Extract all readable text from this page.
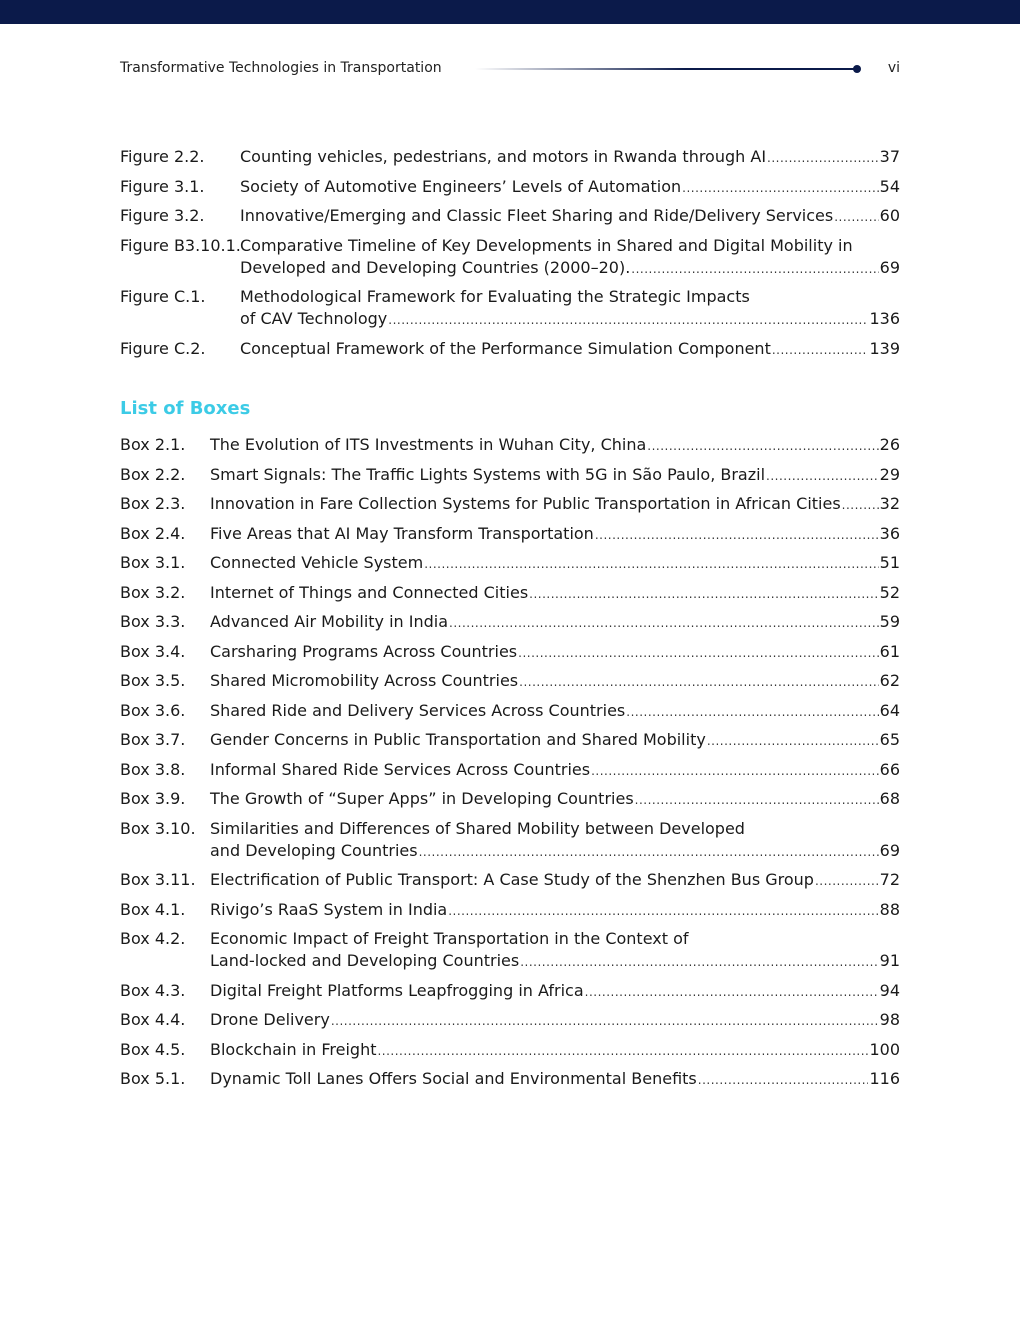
Transformative Technologies in Transportation	vi
Figure 2.2.	Counting vehicles, pedestrians, and motors in Rwanda through AI .....	37
Figure 3.1.	Society of Automotive Engineers’ Levels of Automation .....	54
Figure 3.2.	Innovative/Emerging and Classic Fleet Sharing and Ride/Delivery Services .....	60
Figure B3.10.1. Comparative Timeline of Key Developments in Shared and Digital Mobility in
Developed and Developing Countries (2000–20). .....	69
Figure C.1.	Methodological Framework for Evaluating the Strategic Impacts
of CAV Technology .....	136
Figure C.2.	Conceptual Framework of the Performance Simulation Component .....	139
List of Boxes
Box 2.1.	The Evolution of ITS Investments in Wuhan City, China .....	26
Box 2.2.	Smart Signals: The Traffic Lights Systems with 5G in São Paulo, Brazil .....	29
Box 2.3.	Innovation in Fare Collection Systems for Public Transportation in African Cities ..... 32
Box 2.4.	Five Areas that AI May Transform Transportation .....	36
Box 3.1.	Connected Vehicle System .....	51
Box 3.2.	Internet of Things and Connected Cities .....	52
Box 3.3.	Advanced Air Mobility in India .....	59
Box 3.4.	Carsharing Programs Across Countries .....	61
Box 3.5.	Shared Micromobility Across Countries .....	62
Box 3.6.	Shared Ride and Delivery Services Across Countries .....	64
Box 3.7.	Gender Concerns in Public Transportation and Shared Mobility .....	65
Box 3.8.	Informal Shared Ride Services Across Countries .....	66
Box 3.9.	The Growth of “Super Apps” in Developing Countries .....	68
Box 3.10. Similarities and Differences of Shared Mobility between Developed
and Developing Countries .....	69
Box 3.11. Electrification of Public Transport: A Case Study of the Shenzhen Bus Group .....	72
Box 4.1.	Rivigo’s RaaS System in India .....	88
Box 4.2.	Economic Impact of Freight Transportation in the Context of
Land-locked and Developing Countries .....	91
Box 4.3.	Digital Freight Platforms Leapfrogging in Africa .....	94
Box 4.4.	Drone Delivery .....	98
Box 4.5.	Blockchain in Freight .....	100
Box 5.1.	Dynamic Toll Lanes Offers Social and Environmental Benefits .....	116
